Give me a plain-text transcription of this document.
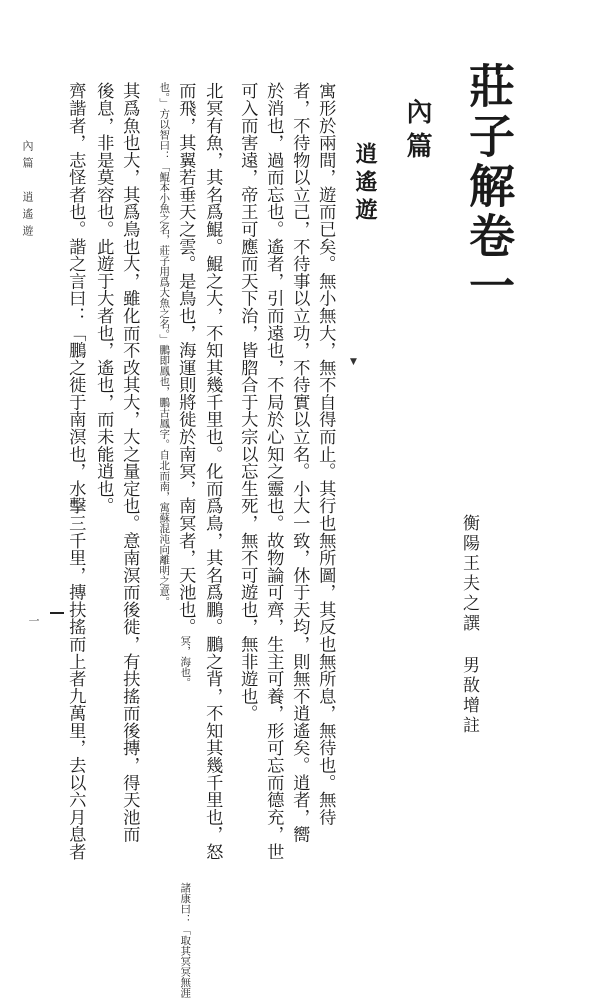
莊子解卷一
內篇
逍遙遊
衡陽王夫之譔
男敔增註
寓形於兩間，遊而已矣。無小無大，無不自得而止。其行也無所圖，其反也無所息，無待也。無待
者，不待物以立己，不待事以立功，不待實以立名。小大一致，休于天均，則無不逍遙矣。逍者，嚮
於消也，過而忘也。遙者，引而遠也，不局於心知之靈也。故物論可齊，生主可養，形可忘而德充，世
可入而害遠，帝王可應而天下治，皆脗合于大宗以忘生死，無不可遊也，無非遊也。
北冥有魚，其名爲鯤。鯤之大，不知其幾千里也。化而爲鳥，其名爲鵬。鵬之背，不知其幾千里也，怒
而飛，其翼若垂天之雲。是鳥也，海運則將徙於南冥，南冥者，天池也。冥，海也。　　　　　　　　　　　　　　　　　　　諸康曰：「取其冥冥無涯
也。」方以智曰：「鯤本小魚之名，莊子用爲大魚之名。」鵬即鳳也，鵬古鳳字。自北而南，寓蘇混沌向離明之意。
其爲魚也大，其爲鳥也大，雖化而不改其大，大之量定也。意南溟而後徙，有扶搖而後摶，得天池而
後息，非是莫容也。此遊于大者也，遙也，而未能逍也。
齊諧者，志怪者也。諧之言曰：「鵬之徙于南溟也，水擊三千里，摶扶搖而上者九萬里，去以六月息者
內篇　逍遙遊
一
▼
